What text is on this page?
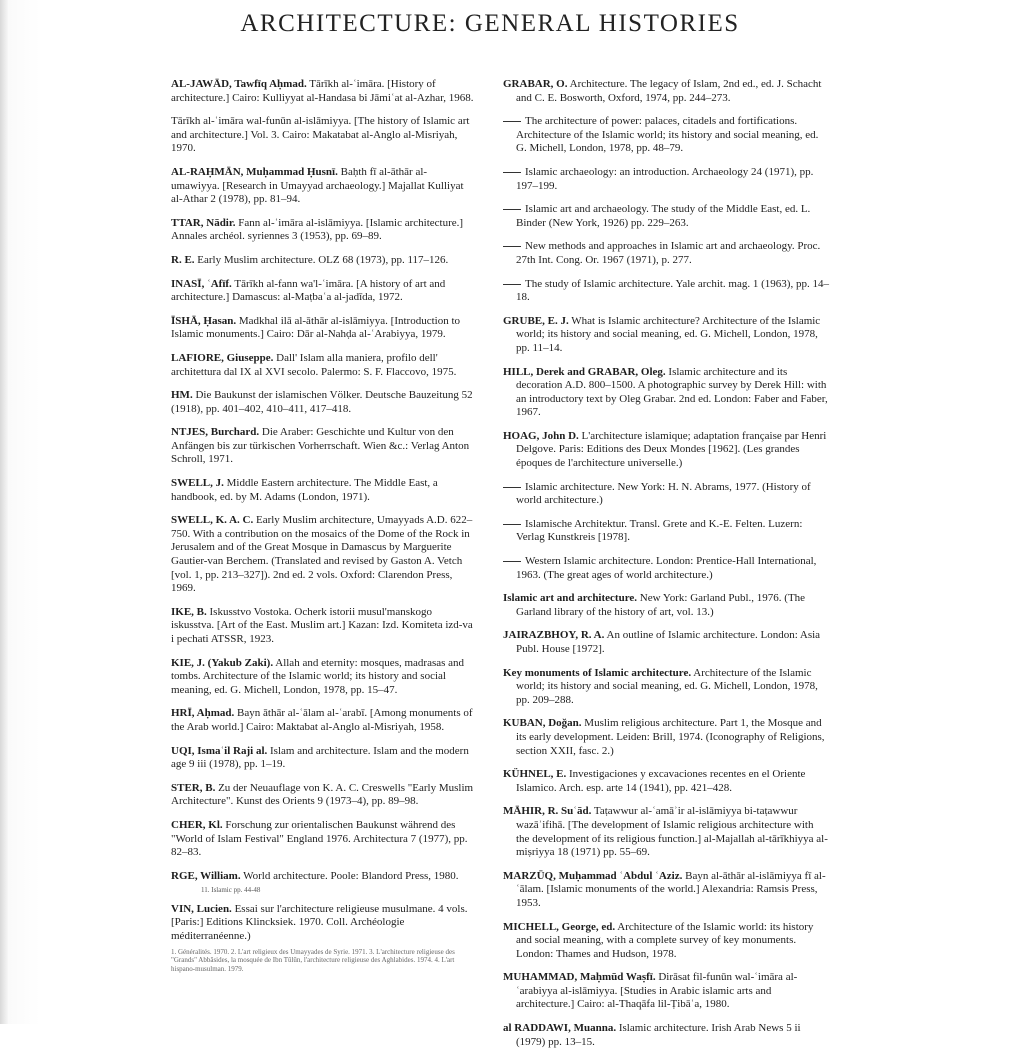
ARCHITECTURE: GENERAL HISTORIES

AL-JAWĀD, Tawfīq Aḥmad. Tārīkh al-ʿimāra. [History of architecture.] Cairo: Kulliyyat al-Handasa bi Jāmiʿat al-Azhar, 1968.

Tārīkh al-ʿimāra wal-funūn al-islāmiyya. [The history of Islamic art and architecture.] Vol. 3. Cairo: Makatabat al-Anglo al-Misriyah, 1970.

AL-RAḤMĀN, Muḥammad Ḥusnī. Baḥth fī al-āthār al-umawiyya. [Research in Umayyad archaeology.] Majallat Kulliyat al-Athar 2 (1978), pp. 81–94.

TTAR, Nādir. Fann al-ʿimāra al-islāmiyya. [Islamic architecture.] Annales archéol. syriennes 3 (1953), pp. 69–89.

R. E. Early Muslim architecture. OLZ 68 (1973), pp. 117–126.

INASĪ, ʿAfīf. Tārīkh al-fann wa'l-ʿimāra. [A history of art and architecture.] Damascus: al-Maṭbaʿa al-jadīda, 1972.

ĪSHĀ, Ḥasan. Madkhal ilā al-āthār al-islāmiyya. [Introduction to Islamic monuments.] Cairo: Dār al-Nahḍa al-ʿArabiyya, 1979.

LAFIORE, Giuseppe. Dall' Islam alla maniera, profilo dell' architettura dal IX al XVI secolo. Palermo: S. F. Flaccovo, 1975.

HM. Die Baukunst der islamischen Völker. Deutsche Bauzeitung 52 (1918), pp. 401–402, 410–411, 417–418.

NTJES, Burchard. Die Araber: Geschichte und Kultur von den Anfängen bis zur türkischen Vorherrschaft. Wien &c.: Verlag Anton Schroll, 1971.

SWELL, J. Middle Eastern architecture. The Middle East, a handbook, ed. by M. Adams (London, 1971).

SWELL, K. A. C. Early Muslim architecture, Umayyads A.D. 622–750. With a contribution on the mosaics of the Dome of the Rock in Jerusalem and of the Great Mosque in Damascus by Marguerite Gautier-van Berchem. (Translated and revised by Gaston A. Vetch [vol. 1, pp. 213–327]). 2nd ed. 2 vols. Oxford: Clarendon Press, 1969.

IKE, B. Iskusstvo Vostoka. Ocherk istorii musul'manskogo iskusstva. [Art of the East. Muslim art.] Kazan: Izd. Komiteta izd-va i pechati ATSSR, 1923.

KIE, J. (Yakub Zaki). Allah and eternity: mosques, madrasas and tombs. Architecture of the Islamic world; its history and social meaning, ed. G. Michell, London, 1978, pp. 15–47.

HRĪ, Aḥmad. Bayn āthār al-ʿālam al-ʿarabī. [Among monuments of the Arab world.] Cairo: Maktabat al-Anglo al-Misriyah, 1958.

UQI, Ismaʿil Raji al. Islam and architecture. Islam and the modern age 9 iii (1978), pp. 1–19.

STER, B. Zu der Neuauflage von K. A. C. Creswells "Early Muslim Architecture". Kunst des Orients 9 (1973–4), pp. 89–98.

CHER, Kl. Forschung zur orientalischen Baukunst während des "World of Islam Festival" England 1976. Architectura 7 (1977), pp. 82–83.

RGE, William. World architecture. Poole: Blandord Press, 1980.

11. Islamic pp. 44-48

VIN, Lucien. Essai sur l'architecture religieuse musulmane. 4 vols. [Paris:] Editions Klincksiek. 1970. Coll. Archéologie méditerranéenne.)

1. Généralités. 1970. 2. L'art religieux des Umayyades de Syrie. 1971. 3. L'architecture religieuse des "Grands" Abbāsides, la mosquée de Ibn Tūlūn, l'architecture religieuse des Aghlabides. 1974. 4. L'art hispano-musulman. 1979.

GRABAR, O. Architecture. The legacy of Islam, 2nd ed., ed. J. Schacht and C. E. Bosworth, Oxford, 1974, pp. 244–273.

The architecture of power: palaces, citadels and fortifications. Architecture of the Islamic world; its history and social meaning, ed. G. Michell, London, 1978, pp. 48–79.

Islamic archaeology: an introduction. Archaeology 24 (1971), pp. 197–199.

Islamic art and archaeology. The study of the Middle East, ed. L. Binder (New York, 1926) pp. 229–263.

New methods and approaches in Islamic art and archaeology. Proc. 27th Int. Cong. Or. 1967 (1971), p. 277.

The study of Islamic architecture. Yale archit. mag. 1 (1963), pp. 14–18.

GRUBE, E. J. What is Islamic architecture? Architecture of the Islamic world; its history and social meaning, ed. G. Michell, London, 1978, pp. 11–14.

HILL, Derek and GRABAR, Oleg. Islamic architecture and its decoration A.D. 800–1500. A photographic survey by Derek Hill: with an introductory text by Oleg Grabar. 2nd ed. London: Faber and Faber, 1967.

HOAG, John D. L'architecture islamique; adaptation française par Henri Delgove. Paris: Editions des Deux Mondes [1962]. (Les grandes époques de l'architecture universelle.)

Islamic architecture. New York: H. N. Abrams, 1977. (History of world architecture.)

Islamische Architektur. Transl. Grete and K.-E. Felten. Luzern: Verlag Kunstkreis [1978].

Western Islamic architecture. London: Prentice-Hall International, 1963. (The great ages of world architecture.)

Islamic art and architecture. New York: Garland Publ., 1976. (The Garland library of the history of art, vol. 13.)

JAIRAZBHOY, R. A. An outline of Islamic architecture. London: Asia Publ. House [1972].

Key monuments of Islamic architecture. Architecture of the Islamic world; its history and social meaning, ed. G. Michell, London, 1978, pp. 209–288.

KUBAN, Doğan. Muslim religious architecture. Part 1, the Mosque and its early development. Leiden: Brill, 1974. (Iconography of Religions, section XXII, fasc. 2.)

KÜHNEL, E. Investigaciones y excavaciones recentes en el Oriente Islamico. Arch. esp. arte 14 (1941), pp. 421–428.

MĀHIR, R. Suʿād. Taṭawwur al-ʿamāʾir al-islāmiyya bi-taṭawwur wazāʾifihā. [The development of Islamic religious architecture with the development of its religious function.] al-Majallah al-tārīkhiyya al-miṣriyya 18 (1971) pp. 55–69.

MARZŪQ, Muḥammad ʿAbdul ʿAziz. Bayn al-āthār al-islāmiyya fī al-ʿālam. [Islamic monuments of the world.] Alexandria: Ramsis Press, 1953.

MICHELL, George, ed. Architecture of the Islamic world: its history and social meaning, with a complete survey of key monuments. London: Thames and Hudson, 1978.

MUHAMMAD, Maḥmūd Waṣfī. Dirāsat fil-funūn wal-ʿimāra al-ʿarabiyya al-islāmiyya. [Studies in Arabic islamic arts and architecture.] Cairo: al-Thaqāfa lil-Ṭibāʿa, 1980.

al RADDAWI, Muanna. Islamic architecture. Irish Arab News 5 ii (1979) pp. 13–15.
